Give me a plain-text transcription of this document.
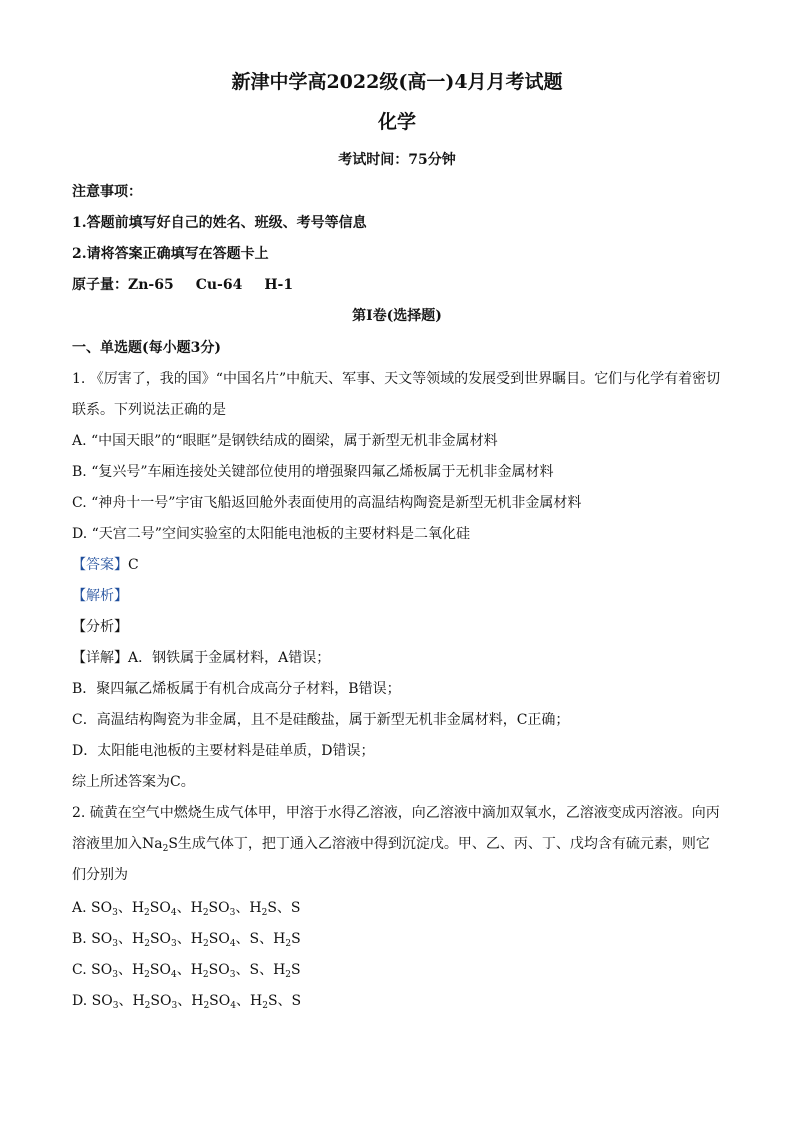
新津中学高2022级(高一)4月月考试题
化学
考试时间：75分钟
注意事项：
1.答题前填写好自己的姓名、班级、考号等信息
2.请将答案正确填写在答题卡上
原子量：Zn-65 Cu-64 H-1
第I卷(选择题)
一、单选题(每小题3分)
1. 《厉害了，我的国》“中国名片”中航天、军事、天文等领域的发展受到世界瞩目。它们与化学有着密切
联系。下列说法正确的是
A. “中国天眼”的“眼眶”是钢铁结成的圈梁，属于新型无机非金属材料
B. “复兴号”车厢连接处关键部位使用的增强聚四氟乙烯板属于无机非金属材料
C. “神舟十一号”宇宙飞船返回舱外表面使用的高温结构陶瓷是新型无机非金属材料
D. “天宫二号”空间实验室的太阳能电池板的主要材料是二氧化硅
【答案】C
【解析】
【分析】
【详解】A．钢铁属于金属材料，A错误；
B．聚四氟乙烯板属于有机合成高分子材料，B错误；
C．高温结构陶瓷为非金属，且不是硅酸盐，属于新型无机非金属材料，C正确；
D．太阳能电池板的主要材料是硅单质，D错误；
综上所述答案为C。
2. 硫黄在空气中燃烧生成气体甲，甲溶于水得乙溶液，向乙溶液中滴加双氧水，乙溶液变成丙溶液。向丙
溶液里加入$Na_2S$生成气体丁，把丁通入乙溶液中得到沉淀戊。甲、乙、丙、丁、戊均含有硫元素，则它
们分别为
A. $SO_3$、$H_2SO_4$、$H_2SO_3$、$H_2S$、S
B. $SO_3$、$H_2SO_3$、$H_2SO_4$、S、$H_2S$
C. $SO_3$、$H_2SO_4$、$H_2SO_3$、S、$H_2S$
D. $SO_3$、$H_2SO_3$、$H_2SO_4$、$H_2S$、S
